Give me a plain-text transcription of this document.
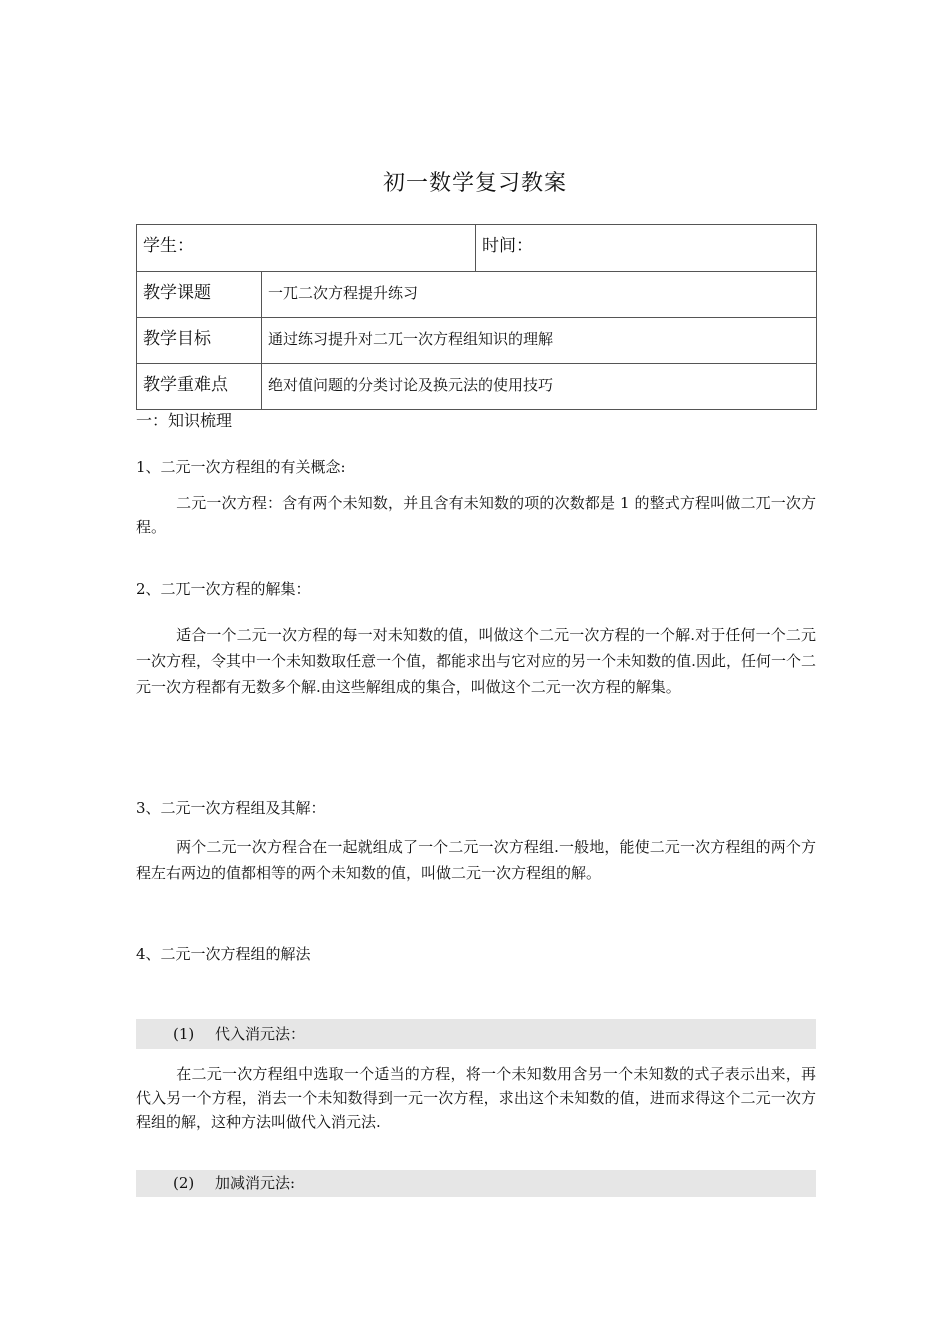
初一数学复习教案
学生：		时间：
教学课题	一兀二次方程提升练习	
教学目标	通过练习提升对二兀一次方程组知识的理解	
教学重难点	绝对值问题的分类讨论及换元法的使用技巧	
一：知识梳理
1、二元一次方程组的有关概念:
二元一次方程：含有两个未知数，并且含有未知数的项的次数都是 1 的整式方程叫做二兀一次方程。
2、二兀一次方程的解集：
适合一个二元一次方程的每一对未知数的值，叫做这个二元一次方程的一个解.对于任何一个二元一次方程，令其中一个未知数取任意一个值，都能求出与它对应的另一个未知数的值.因此，任何一个二元一次方程都有无数多个解.由这些解组成的集合，叫做这个二元一次方程的解集。
3、二元一次方程组及其解：
两个二元一次方程合在一起就组成了一个二元一次方程组.一般地，能使二元一次方程组的两个方程左右两边的值都相等的两个未知数的值，叫做二元一次方程组的解。
4、二元一次方程组的解法
(1) 代入消元法：
在二元一次方程组中选取一个适当的方程，将一个未知数用含另一个未知数的式子表示出来，再代入另一个方程，消去一个未知数得到一元一次方程，求出这个未知数的值，进而求得这个二元一次方程组的解，这种方法叫做代入消元法.
(2) 加减消元法:
